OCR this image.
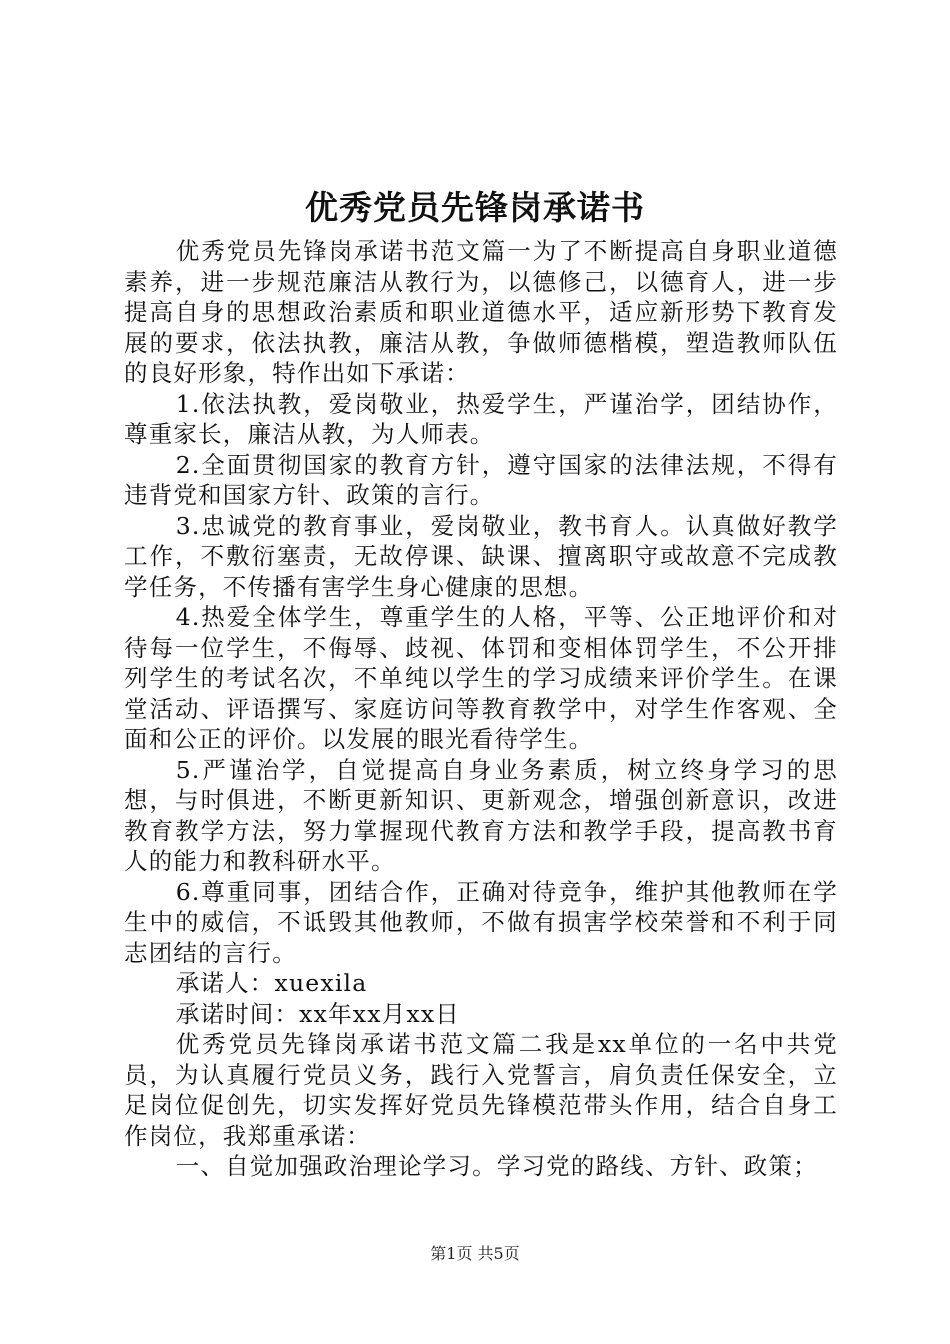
优秀党员先锋岗承诺书

优秀党员先锋岗承诺书范文篇一为了不断提高自身职业道德素养，进一步规范廉洁从教行为，以德修己，以德育人，进一步提高自身的思想政治素质和职业道德水平，适应新形势下教育发展的要求，依法执教，廉洁从教，争做师德楷模，塑造教师队伍的良好形象，特作出如下承诺：

1.依法执教，爱岗敬业，热爱学生，严谨治学，团结协作，尊重家长，廉洁从教，为人师表。

2.全面贯彻国家的教育方针，遵守国家的法律法规，不得有违背党和国家方针、政策的言行。

3.忠诚党的教育事业，爱岗敬业，教书育人。认真做好教学工作，不敷衍塞责，无故停课、缺课、擅离职守或故意不完成教学任务，不传播有害学生身心健康的思想。

4.热爱全体学生，尊重学生的人格，平等、公正地评价和对待每一位学生，不侮辱、歧视、体罚和变相体罚学生，不公开排列学生的考试名次，不单纯以学生的学习成绩来评价学生。在课堂活动、评语撰写、家庭访问等教育教学中，对学生作客观、全面和公正的评价。以发展的眼光看待学生。

5.严谨治学，自觉提高自身业务素质，树立终身学习的思想，与时俱进，不断更新知识、更新观念，增强创新意识，改进教育教学方法，努力掌握现代教育方法和教学手段，提高教书育人的能力和教科研水平。

6.尊重同事，团结合作，正确对待竞争，维护其他教师在学生中的威信，不诋毁其他教师，不做有损害学校荣誉和不利于同志团结的言行。

承诺人：xuexila

承诺时间：xx年xx月xx日

优秀党员先锋岗承诺书范文篇二我是xx单位的一名中共党员，为认真履行党员义务，践行入党誓言，肩负责任保安全，立足岗位促创先，切实发挥好党员先锋模范带头作用，结合自身工作岗位，我郑重承诺：

一、自觉加强政治理论学习。学习党的路线、方针、政策；

第1页 共5页
